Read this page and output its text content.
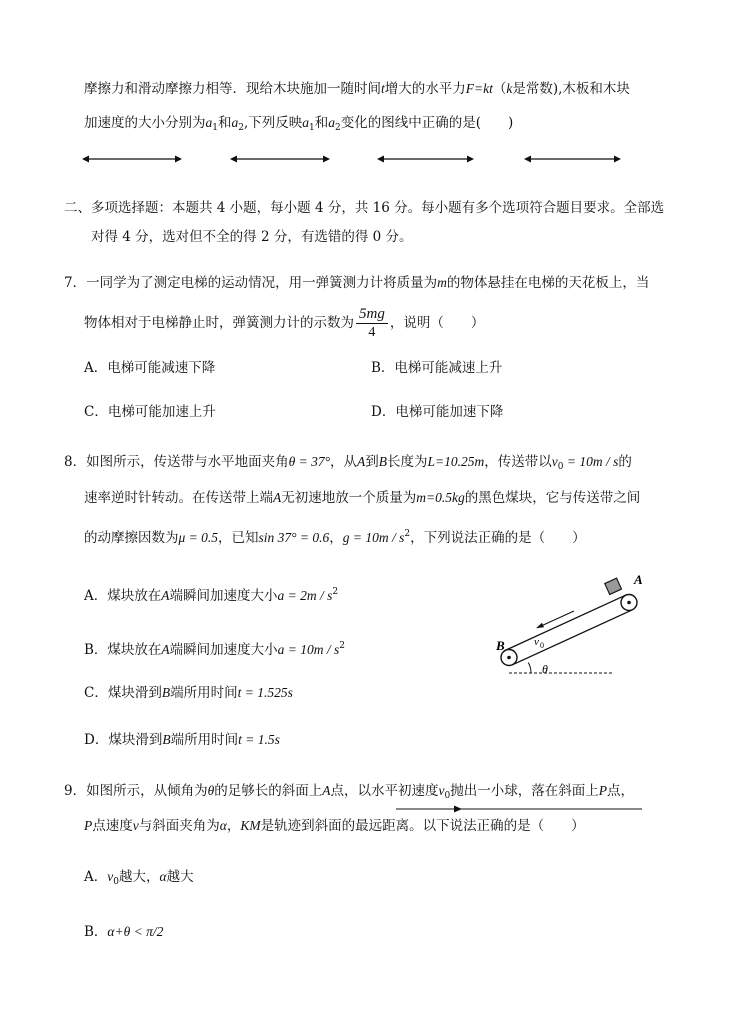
摩擦力和滑动摩擦力相等．现给木块施加一随时间t增大的水平力F=kt（k是常数),木板和木块
加速度的大小分别为$a_1$和$a_2$,下列反映$a_1$和$a_2$变化的图线中正确的是(　　)
二、多项选择题：本题共 4 小题，每小题 4 分，共 16 分。每小题有多个选项符合题目要求。全部选
对得 4 分，选对但不全的得 2 分，有选错的得 0 分。
7．一同学为了测定电梯的运动情况，用一弹簧测力计将质量为m的物体悬挂在电梯的天花板上，当
物体相对于电梯静止时，弹簧测力计的示数为 $\frac{5mg}{4}$ ，说明（　　）
A．电梯可能减速下降	B．电梯可能减速上升
C．电梯可能加速上升	D．电梯可能加速下降
8．如图所示，传送带与水平地面夹角θ = 37°，从A到B长度为L=10.25m，传送带以$v_0 = 10m / s$的
速率逆时针转动。在传送带上端A无初速地放一个质量为m=0.5kg的黑色煤块，它与传送带之间
的动摩擦因数为μ = 0.5，已知sin 37° = 0.6，$g = 10m / s^2$，下列说法正确的是（　　）
A．煤块放在A端瞬间加速度大小$a = 2m / s^2$
B．煤块放在A端瞬间加速度大小$a = 10m / s^2$
C．煤块滑到B端所用时间t = 1.525s
D．煤块滑到B端所用时间t = 1.5s
A
B	v 0
θ
9．如图所示，从倾角为θ的足够长的斜面上A点，以水平初速度$v_0$抛出一小球，落在斜面上P点，
P点速度v与斜面夹角为α，KM是轨迹到斜面的最远距离。以下说法正确的是（　　）
A．$v_0$越大，α越大
B．α+θ < π/2
